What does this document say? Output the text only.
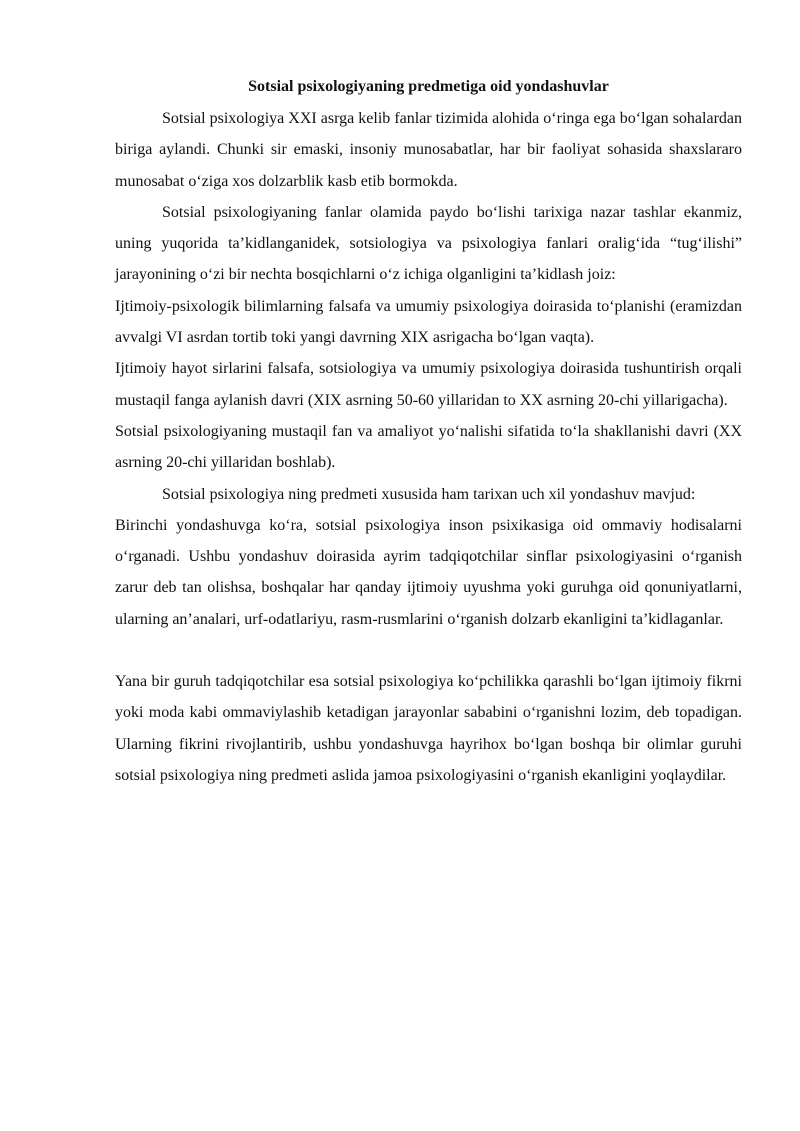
Sotsial psixologiyaning predmetiga oid yondashuvlar

Sotsial psixologiya XXI asrga kelib fanlar tizimida alohida o‘ringa ega bo‘lgan sohalardan biriga aylandi. Chunki sir emaski, insoniy munosabatlar, har bir faoliyat sohasida shaxslararo munosabat o‘ziga xos dolzarblik kasb etib bormokda.

Sotsial psixologiyaning fanlar olamida paydo bo‘lishi tarixiga nazar tashlar ekanmiz, uning yuqorida ta’kidlanganidek, sotsiologiya va psixologiya fanlari oralig‘ida “tug‘ilishi” jarayonining o‘zi bir nechta bosqichlarni o‘z ichiga olganligini ta’kidlash joiz:

Ijtimoiy-psixologik bilimlarning falsafa va umumiy psixologiya doirasida to‘planishi (eramizdan avvalgi VI asrdan tortib toki yangi davrning XIX asrigacha bo‘lgan vaqta).

Ijtimoiy hayot sirlarini falsafa, sotsiologiya va umumiy psixologiya doirasida tushuntirish orqali mustaqil fanga aylanish davri (XIX asrning 50-60 yillaridan to XX asrning 20-chi yillarigacha).

Sotsial psixologiyaning mustaqil fan va amaliyot yo‘nalishi sifatida to‘la shakllanishi davri (XX asrning 20-chi yillaridan boshlab).

Sotsial psixologiya ning predmeti xususida ham tarixan uch xil yondashuv mavjud:

Birinchi yondashuvga ko‘ra, sotsial psixologiya inson psixikasiga oid ommaviy hodisalarni o‘rganadi. Ushbu yondashuv doirasida ayrim tadqiqotchilar sinflar psixologiyasini o‘rganish zarur deb tan olishsa, boshqalar har qanday ijtimoiy uyushma yoki guruhga oid qonuniyatlarni, ularning an’analari, urf-odatlariyu, rasm-rusmlarini o‘rganish dolzarb ekanligini ta’kidlaganlar.

Yana bir guruh tadqiqotchilar esa sotsial psixologiya ko‘pchilikka qarashli bo‘lgan ijtimoiy fikrni yoki moda kabi ommaviylashib ketadigan jarayonlar sababini o‘rganishni lozim, deb topadigan. Ularning fikrini rivojlantirib, ushbu yondashuvga hayrihox bo‘lgan boshqa bir olimlar guruhi sotsial psixologiya ning predmeti aslida jamoa psixologiyasini o‘rganish ekanligini yoqlaydilar.
